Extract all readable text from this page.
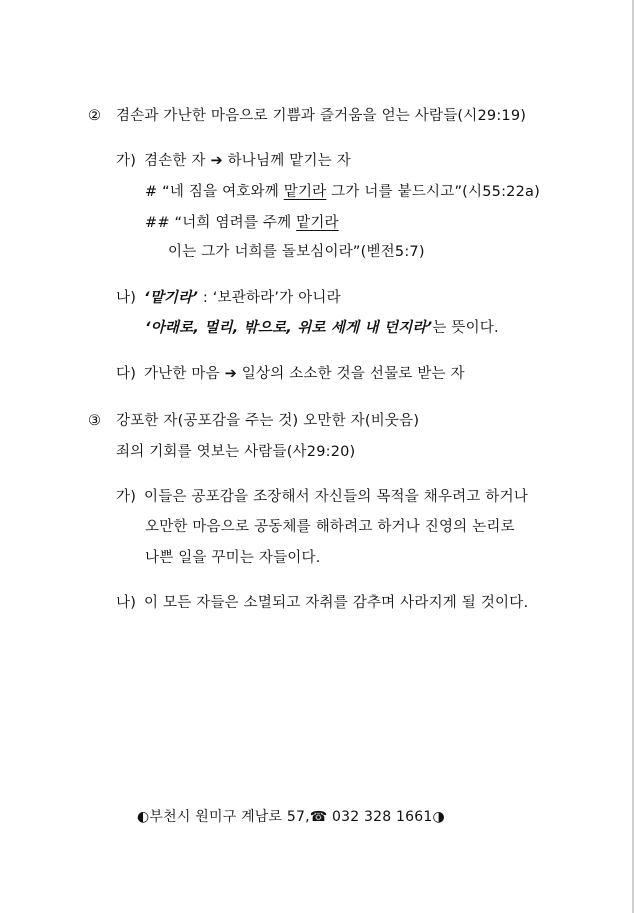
② 겸손과 가난한 마음으로 기쁨과 즐거움을 얻는 사람들(시29:19)
가) 겸손한 자 ➔ 하나님께 맡기는 자
# “네 짐을 여호와께 맡기라 그가 너를 붙드시고”(시55:22a)
## “너희 염려를 주께 맡기라
이는 그가 너희를 돌보심이라”(벧전5:7)
나) ‘맡기라’ : ‘보관하라’가 아니라
‘아래로, 멀리, 밖으로, 위로 세게 내 던지라’는 뜻이다.
다) 가난한 마음 ➔ 일상의 소소한 것을 선물로 받는 자
③ 강포한 자(공포감을 주는 것) 오만한 자(비웃음)
죄의 기회를 엿보는 사람들(사29:20)
가) 이들은 공포감을 조장해서 자신들의 목적을 채우려고 하거나
오만한 마음으로 공동체를 해하려고 하거나 진영의 논리로
나쁜 일을 꾸미는 자들이다.
나) 이 모든 자들은 소멸되고 자취를 감추며 사라지게 될 것이다.
◐부천시 원미구 계남로 57,☎ 032 328 1661◑
